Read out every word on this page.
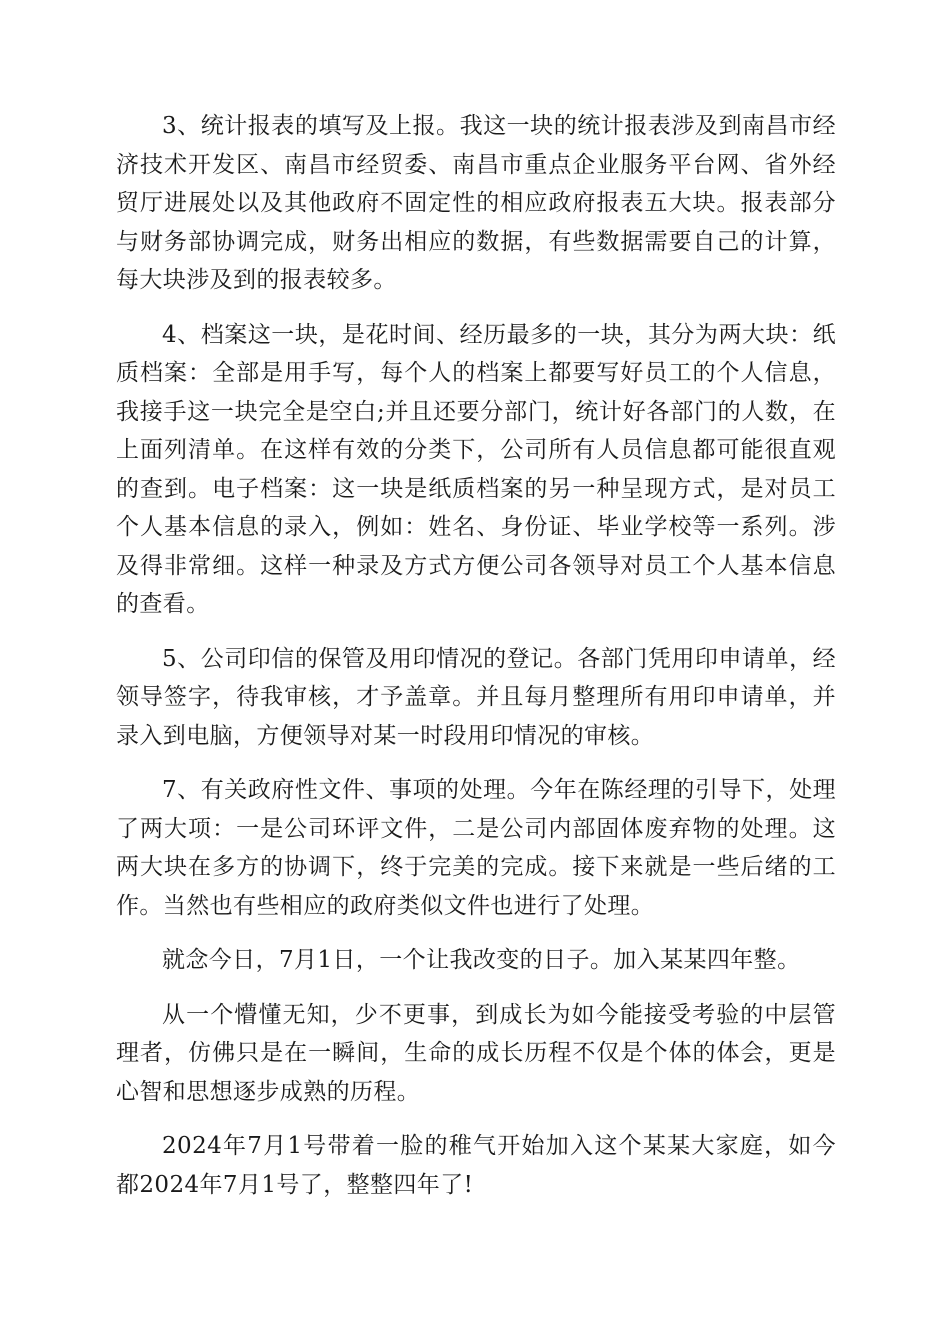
3、统计报表的填写及上报。我这一块的统计报表涉及到南昌市经济技术开发区、南昌市经贸委、南昌市重点企业服务平台网、省外经贸厅进展处以及其他政府不固定性的相应政府报表五大块。报表部分与财务部协调完成，财务出相应的数据，有些数据需要自己的计算，每大块涉及到的报表较多。

4、档案这一块，是花时间、经历最多的一块，其分为两大块：纸质档案：全部是用手写，每个人的档案上都要写好员工的个人信息，我接手这一块完全是空白;并且还要分部门，统计好各部门的人数，在上面列清单。在这样有效的分类下，公司所有人员信息都可能很直观的查到。电子档案：这一块是纸质档案的另一种呈现方式，是对员工个人基本信息的录入，例如：姓名、身份证、毕业学校等一系列。涉及得非常细。这样一种录及方式方便公司各领导对员工个人基本信息的查看。

5、公司印信的保管及用印情况的登记。各部门凭用印申请单，经领导签字，待我审核，才予盖章。并且每月整理所有用印申请单，并录入到电脑，方便领导对某一时段用印情况的审核。

7、有关政府性文件、事项的处理。今年在陈经理的引导下，处理了两大项：一是公司环评文件，二是公司内部固体废弃物的处理。这两大块在多方的协调下，终于完美的完成。接下来就是一些后绪的工作。当然也有些相应的政府类似文件也进行了处理。

就念今日，7月1日，一个让我改变的日子。加入某某四年整。

从一个懵懂无知，少不更事，到成长为如今能接受考验的中层管理者，仿佛只是在一瞬间，生命的成长历程不仅是个体的体会，更是心智和思想逐步成熟的历程。

2024年7月1号带着一脸的稚气开始加入这个某某大家庭，如今都2024年7月1号了，整整四年了!
